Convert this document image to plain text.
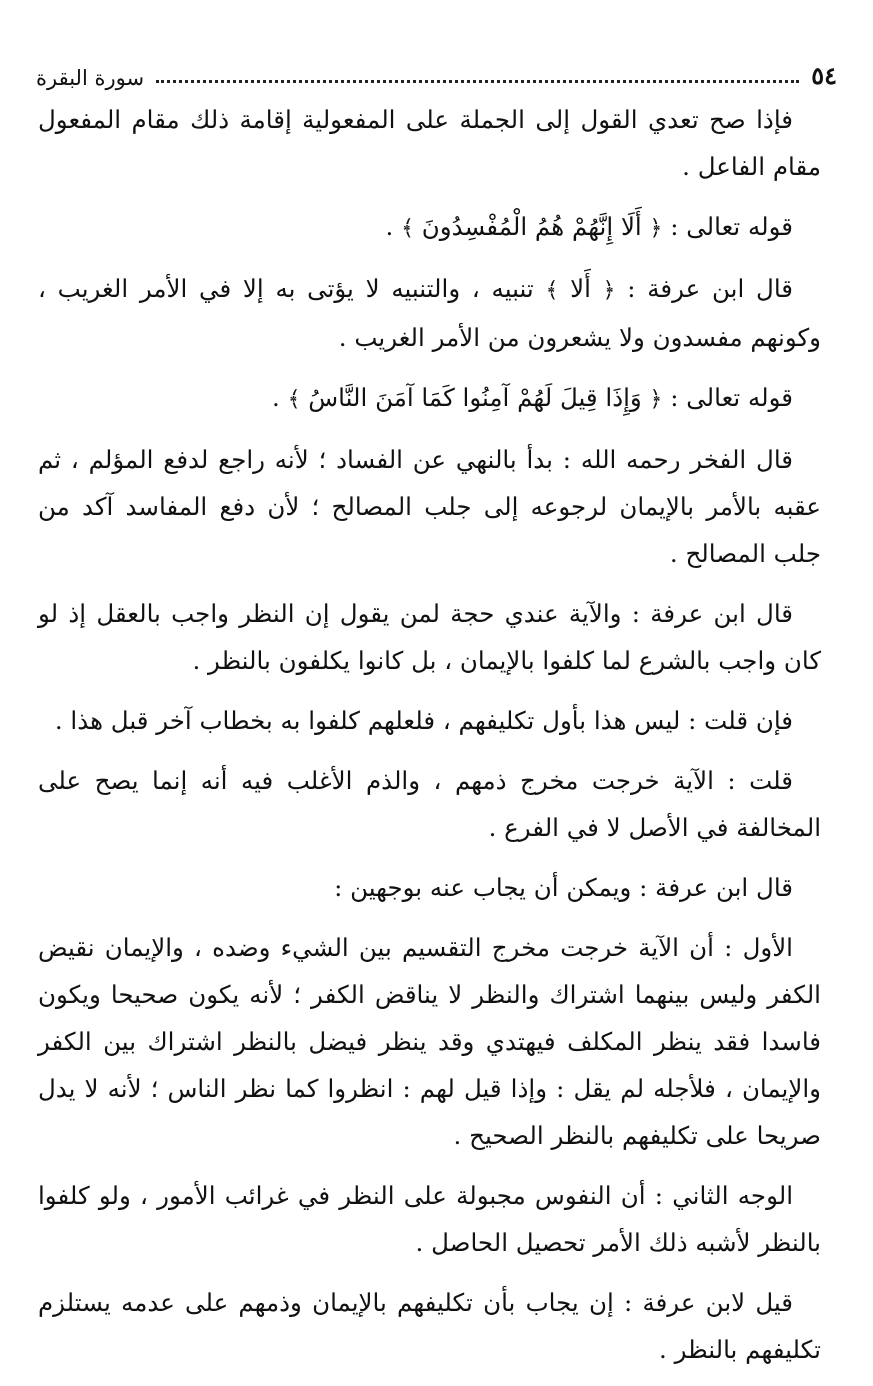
٥٤
سورة البقرة

فإذا صح تعدي القول إلى الجملة على المفعولية إقامة ذلك مقام المفعول مقام الفاعل .

قوله تعالى : ﴿ أَلَا إِنَّهُمْ هُمُ الْمُفْسِدُونَ ﴾ .

قال ابن عرفة : ﴿ أَلا ﴾ تنبيه ، والتنبيه لا يؤتى به إلا في الأمر الغريب ، وكونهم مفسدون ولا يشعرون من الأمر الغريب .

قوله تعالى : ﴿ وَإِذَا قِيلَ لَهُمْ آمِنُوا كَمَا آمَنَ النَّاسُ ﴾ .

قال الفخر رحمه الله : بدأ بالنهي عن الفساد ؛ لأنه راجع لدفع المؤلم ، ثم عقبه بالأمر بالإيمان لرجوعه إلى جلب المصالح ؛ لأن دفع المفاسد آكد من جلب المصالح .

قال ابن عرفة : والآية عندي حجة لمن يقول إن النظر واجب بالعقل إذ لو كان واجب بالشرع لما كلفوا بالإيمان ، بل كانوا يكلفون بالنظر .

فإن قلت : ليس هذا بأول تكليفهم ، فلعلهم كلفوا به بخطاب آخر قبل هذا .

قلت : الآية خرجت مخرج ذمهم ، والذم الأغلب فيه أنه إنما يصح على المخالفة في الأصل لا في الفرع .

قال ابن عرفة : ويمكن أن يجاب عنه بوجهين :

الأول : أن الآية خرجت مخرج التقسيم بين الشيء وضده ، والإيمان نقيض الكفر وليس بينهما اشتراك والنظر لا يناقض الكفر ؛ لأنه يكون صحيحا ويكون فاسدا فقد ينظر المكلف فيهتدي وقد ينظر فيضل بالنظر اشتراك بين الكفر والإيمان ، فلأجله لم يقل : وإذا قيل لهم : انظروا كما نظر الناس ؛ لأنه لا يدل صريحا على تكليفهم بالنظر الصحيح .

الوجه الثاني : أن النفوس مجبولة على النظر في غرائب الأمور ، ولو كلفوا بالنظر لأشبه ذلك الأمر تحصيل الحاصل .

قيل لابن عرفة : إن يجاب بأن تكليفهم بالإيمان وذمهم على عدمه يستلزم تكليفهم بالنظر .
